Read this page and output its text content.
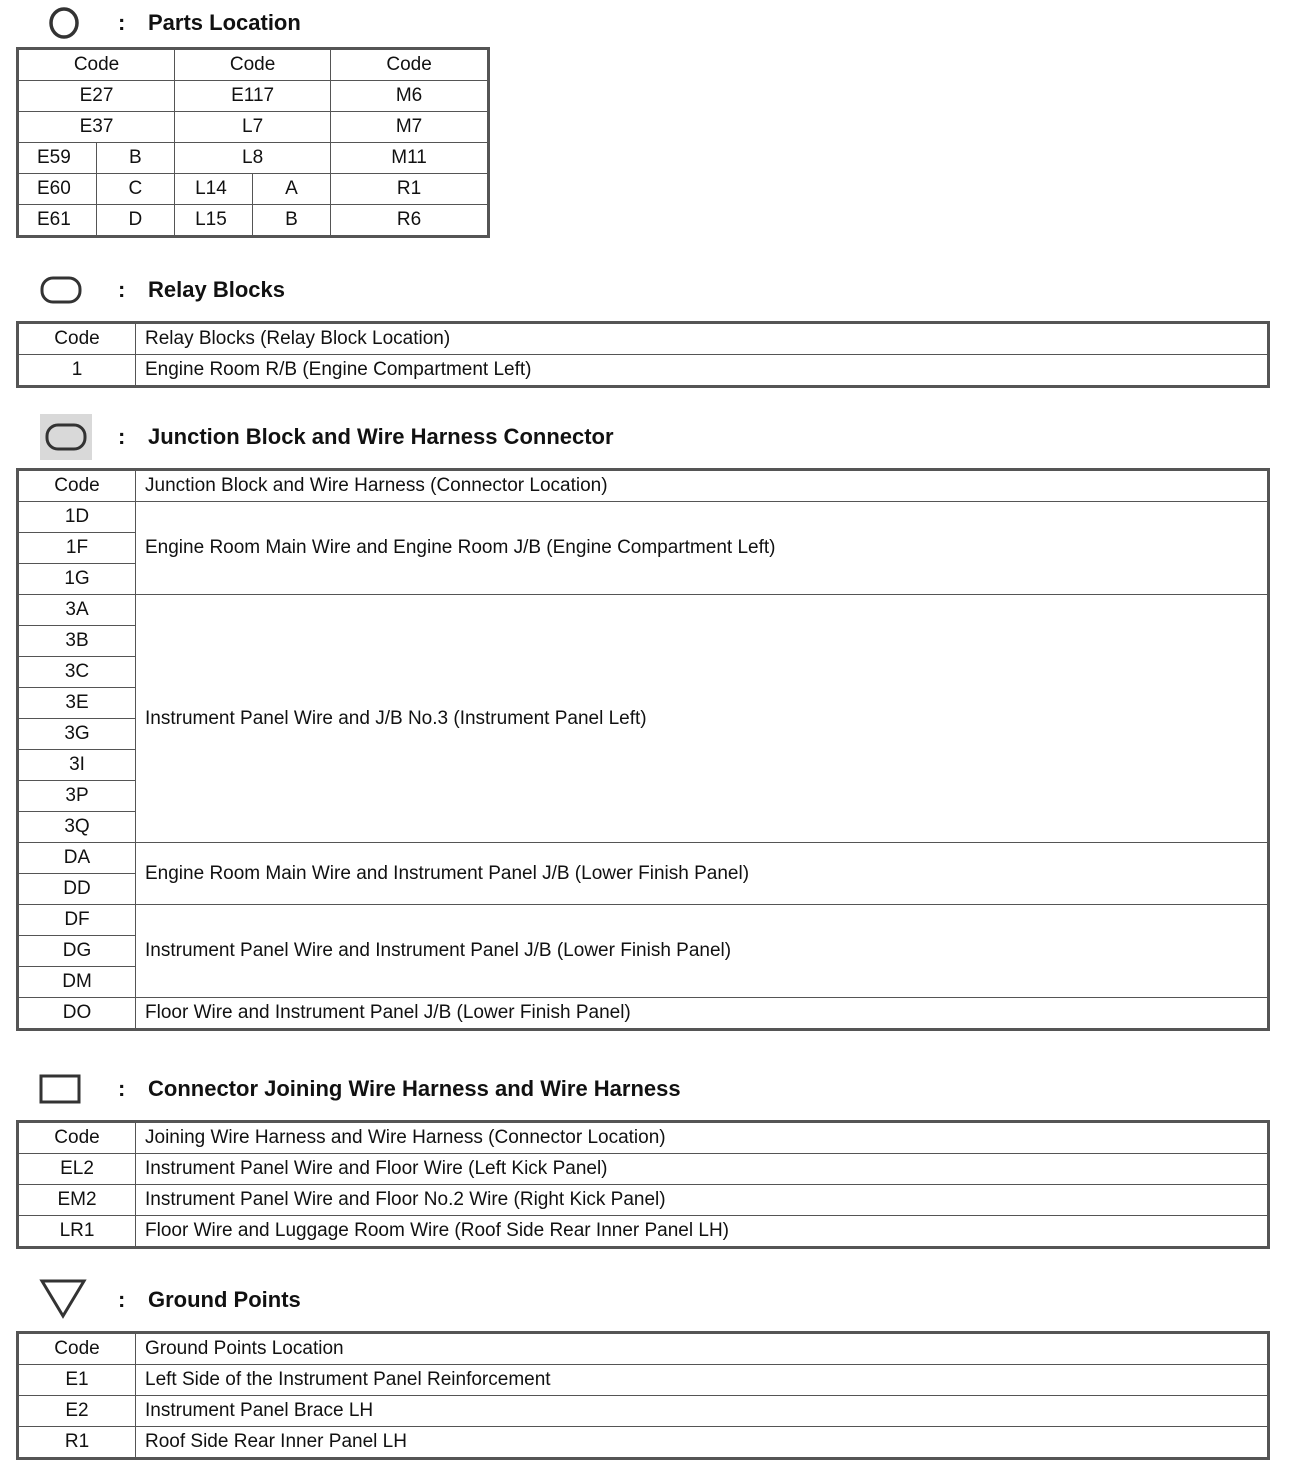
: Parts Location
Code		Code		Code
E27		E117		M6
E37		L7		M7
E59	B	L8		M11
E60	C	L14	A	R1
E61	D	L15	B	R6
: Relay Blocks
Code	Relay Blocks (Relay Block Location)
1	Engine Room R/B (Engine Compartment Left)
: Junction Block and Wire Harness Connector
Code	Junction Block and Wire Harness (Connector Location)
1D	Engine Room Main Wire and Engine Room J/B (Engine Compartment Left)
1F	
1G	
3A	Instrument Panel Wire and J/B No.3 (Instrument Panel Left)
3B	
3C	
3E	
3G	
3I	
3P	
3Q	
DA	Engine Room Main Wire and Instrument Panel J/B (Lower Finish Panel)
DD	
DF	Instrument Panel Wire and Instrument Panel J/B (Lower Finish Panel)
DG	
DM	
DO	Floor Wire and Instrument Panel J/B (Lower Finish Panel)
: Connector Joining Wire Harness and Wire Harness
Code	Joining Wire Harness and Wire Harness (Connector Location)
EL2	Instrument Panel Wire and Floor Wire (Left Kick Panel)
EM2	Instrument Panel Wire and Floor No.2 Wire (Right Kick Panel)
LR1	Floor Wire and Luggage Room Wire (Roof Side Rear Inner Panel LH)
: Ground Points
Code	Ground Points Location
E1	Left Side of the Instrument Panel Reinforcement
E2	Instrument Panel Brace LH
R1	Roof Side Rear Inner Panel LH
